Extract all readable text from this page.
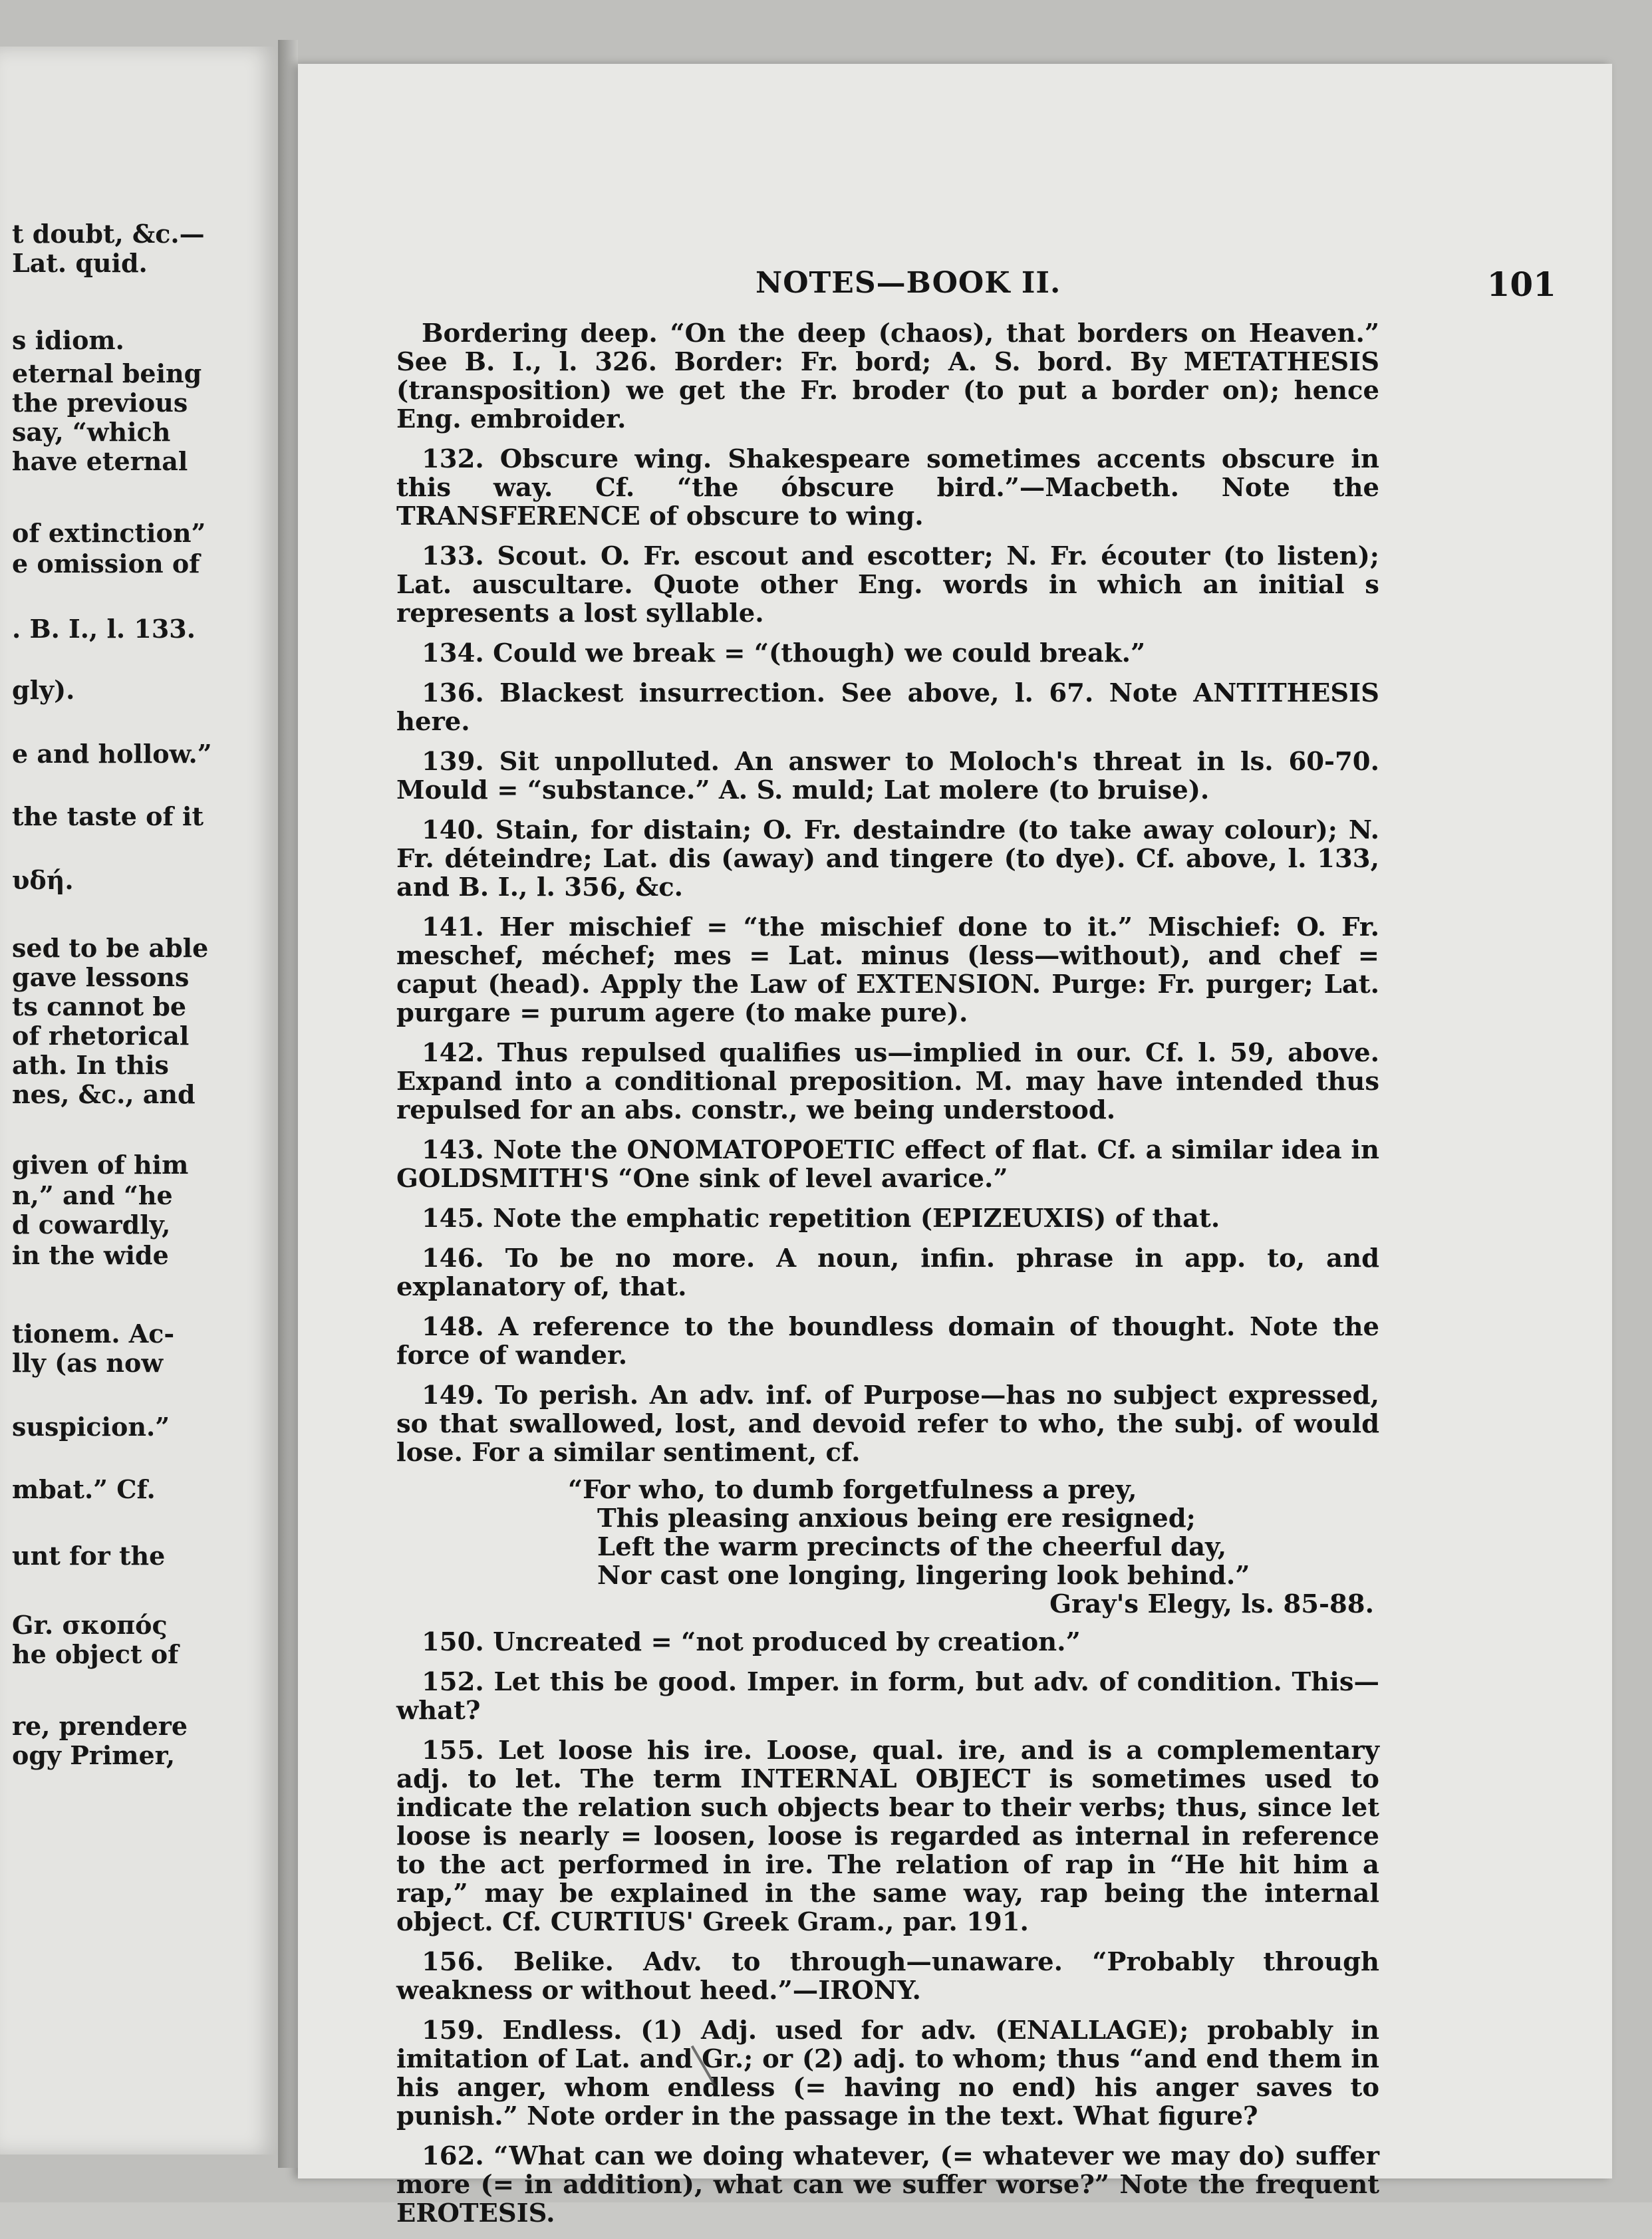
t doubt, &c.—
Lat. quid.
s idiom.
eternal being
the previous
say, “which
have eternal
of extinction”
e omission of
. B. I., l. 133.
gly).
e and hollow.”
the taste of it
υδή.
sed to be able
gave lessons
ts cannot be
of rhetorical
ath. In this
nes, &c., and
given of him
n,” and “he
d cowardly,
in the wide
tionem. Ac-
lly (as now
suspicion.”
mbat.” Cf.
unt for the
Gr. σκοπός
he object of
re, prendere
ogy Primer,
NOTES—BOOK II.	101

Bordering deep. “On the deep (chaos), that borders on Heaven.” See B. I., l. 326. Border: Fr. bord; A. S. bord. By METATHESIS (transposition) we get the Fr. broder (to put a border on); hence Eng. embroider.

132. Obscure wing. Shakespeare sometimes accents obscure in this way. Cf. “the óbscure bird.”—Macbeth. Note the TRANSFERENCE of obscure to wing.

133. Scout. O. Fr. escout and escotter; N. Fr. écouter (to listen); Lat. auscultare. Quote other Eng. words in which an initial s represents a lost syllable.

134. Could we break = “(though) we could break.”

136. Blackest insurrection. See above, l. 67. Note ANTITHESIS here.

139. Sit unpolluted. An answer to Moloch's threat in ls. 60-70. Mould = “substance.” A. S. muld; Lat molere (to bruise).

140. Stain, for distain; O. Fr. destaindre (to take away colour); N. Fr. déteindre; Lat. dis (away) and tingere (to dye). Cf. above, l. 133, and B. I., l. 356, &c.

141. Her mischief = “the mischief done to it.” Mischief: O. Fr. meschef, méchef; mes = Lat. minus (less—without), and chef = caput (head). Apply the Law of EXTENSION. Purge: Fr. purger; Lat. purgare = purum agere (to make pure).

142. Thus repulsed qualifies us—implied in our. Cf. l. 59, above. Expand into a conditional preposition. M. may have intended thus repulsed for an abs. constr., we being understood.

143. Note the ONOMATOPOETIC effect of flat. Cf. a similar idea in GOLDSMITH'S “One sink of level avarice.”

145. Note the emphatic repetition (EPIZEUXIS) of that.

146. To be no more. A noun, infin. phrase in app. to, and explanatory of, that.

148. A reference to the boundless domain of thought. Note the force of wander.

149. To perish. An adv. inf. of Purpose—has no subject expressed, so that swallowed, lost, and devoid refer to who, the subj. of would lose. For a similar sentiment, cf.

“For who, to dumb forgetfulness a prey,
This pleasing anxious being ere resigned;
Left the warm precincts of the cheerful day,
Nor cast one longing, lingering look behind.”
Gray's Elegy, ls. 85-88.

150. Uncreated = “not produced by creation.”

152. Let this be good. Imper. in form, but adv. of condition. This—what?

155. Let loose his ire. Loose, qual. ire, and is a complementary adj. to let. The term INTERNAL OBJECT is sometimes used to indicate the relation such objects bear to their verbs; thus, since let loose is nearly = loosen, loose is regarded as internal in reference to the act performed in ire. The relation of rap in “He hit him a rap,” may be explained in the same way, rap being the internal object. Cf. CURTIUS' Greek Gram., par. 191.

156. Belike. Adv. to through—unaware. “Probably through weakness or without heed.”—IRONY.

159. Endless. (1) Adj. used for adv. (ENALLAGE); probably in imitation of Lat. and Gr.; or (2) adj. to whom; thus “and end them in his anger, whom endless (= having no end) his anger saves to punish.” Note order in the passage in the text. What figure?

162. “What can we doing whatever, (= whatever we may do) suffer more (= in addition), what can we suffer worse?” Note the frequent EROTESIS.
